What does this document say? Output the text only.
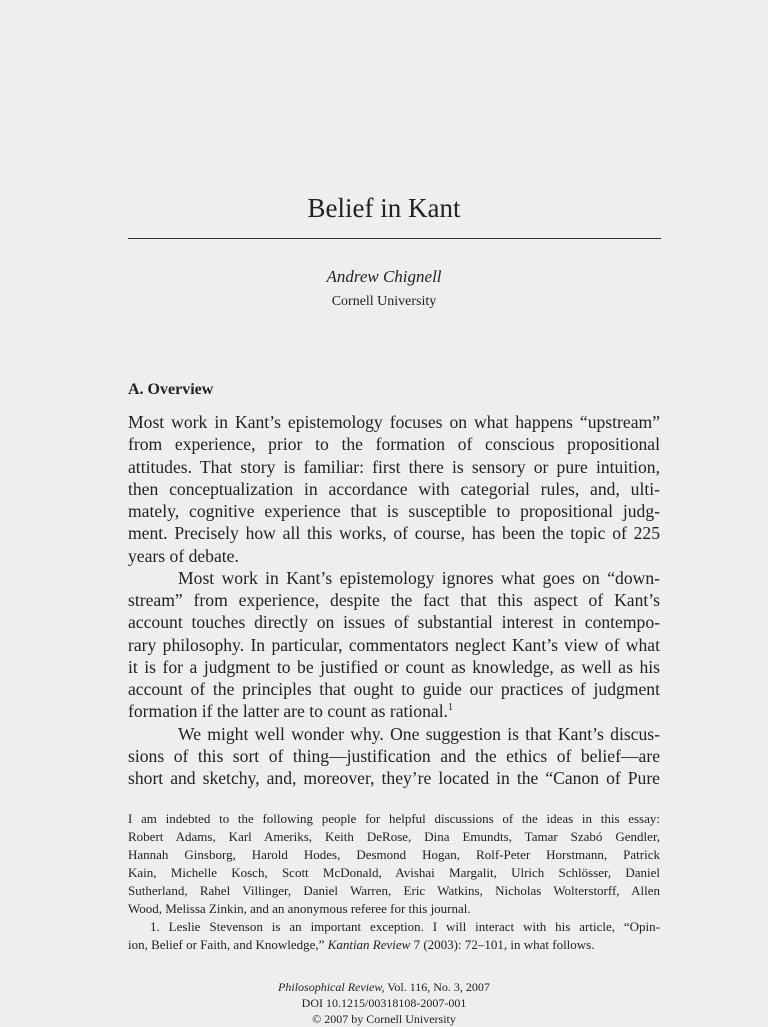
Belief in Kant
Andrew Chignell
Cornell University
A. Overview

Most work in Kant’s epistemology focuses on what happens “upstream”

from experience, prior to the formation of conscious propositional

attitudes. That story is familiar: first there is sensory or pure intuition,

then conceptualization in accordance with categorial rules, and, ulti-

mately, cognitive experience that is susceptible to propositional judg-

ment. Precisely how all this works, of course, has been the topic of 225

years of debate.

Most work in Kant’s epistemology ignores what goes on “down-

stream” from experience, despite the fact that this aspect of Kant’s

account touches directly on issues of substantial interest in contempo-

rary philosophy. In particular, commentators neglect Kant’s view of what

it is for a judgment to be justified or count as knowledge, as well as his

account of the principles that ought to guide our practices of judgment

formation if the latter are to count as rational.$^1$

We might well wonder why. One suggestion is that Kant’s discus-

sions of this sort of thing—justification and the ethics of belief—are

short and sketchy, and, moreover, they’re located in the “Canon of Pure

I am indebted to the following people for helpful discussions of the ideas in this essay:

Robert Adams, Karl Ameriks, Keith DeRose, Dina Emundts, Tamar Szabó Gendler,

Hannah Ginsborg, Harold Hodes, Desmond Hogan, Rolf-Peter Horstmann, Patrick

Kain, Michelle Kosch, Scott McDonald, Avishai Margalit, Ulrich Schlösser, Daniel

Sutherland, Rahel Villinger, Daniel Warren, Eric Watkins, Nicholas Wolterstorff, Allen

Wood, Melissa Zinkin, and an anonymous referee for this journal.

1. Leslie Stevenson is an important exception. I will interact with his article, “Opin-

ion, Belief or Faith, and Knowledge,” Kantian Review 7 (2003): 72–101, in what follows.

Philosophical Review, Vol. 116, No. 3, 2007
DOI 10.1215/00318108-2007-001
© 2007 by Cornell University
